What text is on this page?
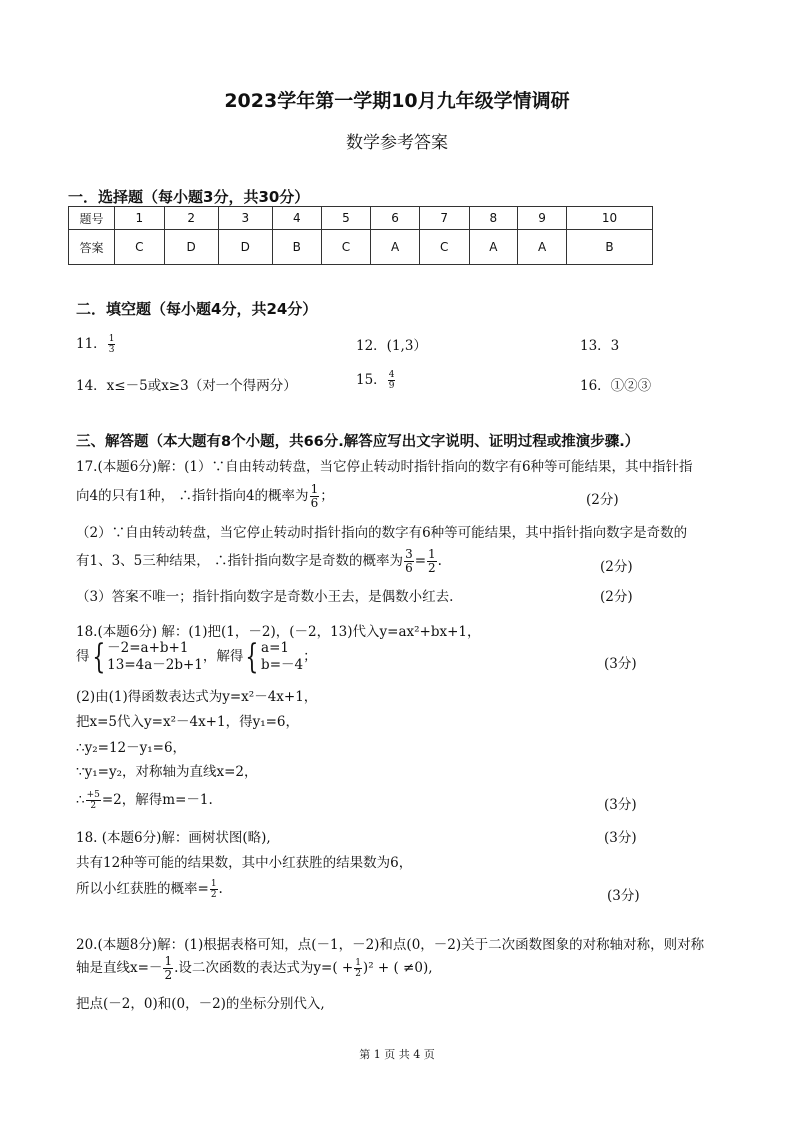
2023学年第一学期10月九年级学情调研
数学参考答案
一．选择题（每小题3分，共30分）
题号	1	2	3	4	5	6	7	8	9	10
答案	C	D	D	B	C	A	C	A	A	B
二．填空题（每小题4分，共24分）
11． $\frac{1}{3}$	12．(1,3）	13．3
14．x≤－5或x≥3（对一个得两分）	15． $\frac{4}{9}$	16．①②③
三、解答题（本大题有8个小题，共66分.解答应写出文字说明、证明过程或推演步骤.）
17.(本题6分)解：(1）∵自由转动转盘，当它停止转动时指针指向的数字有6种等可能结果，其中指针指
向4的只有1种， ∴指针指向4的概率为 $\frac{1}{6}$ ；	(2分)
（2）∵自由转动转盘，当它停止转动时指针指向的数字有6种等可能结果，其中指针指向数字是奇数的
有1、3、5三种结果， ∴指针指向数字是奇数的概率为 $\frac{3}{6} = \frac{1}{2}$ .	(2分)
（3）答案不唯一；指针指向数字是奇数小王去，是偶数小红去.	(2分)
18.(本题6分) 解：(1)把(1，－2)，(－2，13)代入y=ax²+bx+1，
得{ －2=a+b+1
13=4a－2b+1
，解得{ a=1
b=－4
；	(3分)
(2)由(1)得函数表达式为y=x²－4x+1，
把x=5代入y=x²－4x+1，得y₁=6，
∴y₂=12－y₁=6，
∵y₁=y₂，对称轴为直线x=2，
∴ $\frac{+5}{2} =2$，解得m=－1.	(3分)
18. (本题6分)解：画树状图(略),	(3分)
共有12种等可能的结果数，其中小红获胜的结果数为6，
所以小红获胜的概率= $\frac{1}{2}$ .	(3分)
20.(本题8分)解：(1)根据表格可知，点(－1，－2)和点(0，－2)关于二次函数图象的对称轴对称，则对称
轴是直线$x=- \frac{1}{2}$ .设二次函数的表达式为$y=( + \frac{1}{2} )^2$ + ( ≠0),
把点(－2，0)和(0，－2)的坐标分别代入,
第 1 页 共 4 页
